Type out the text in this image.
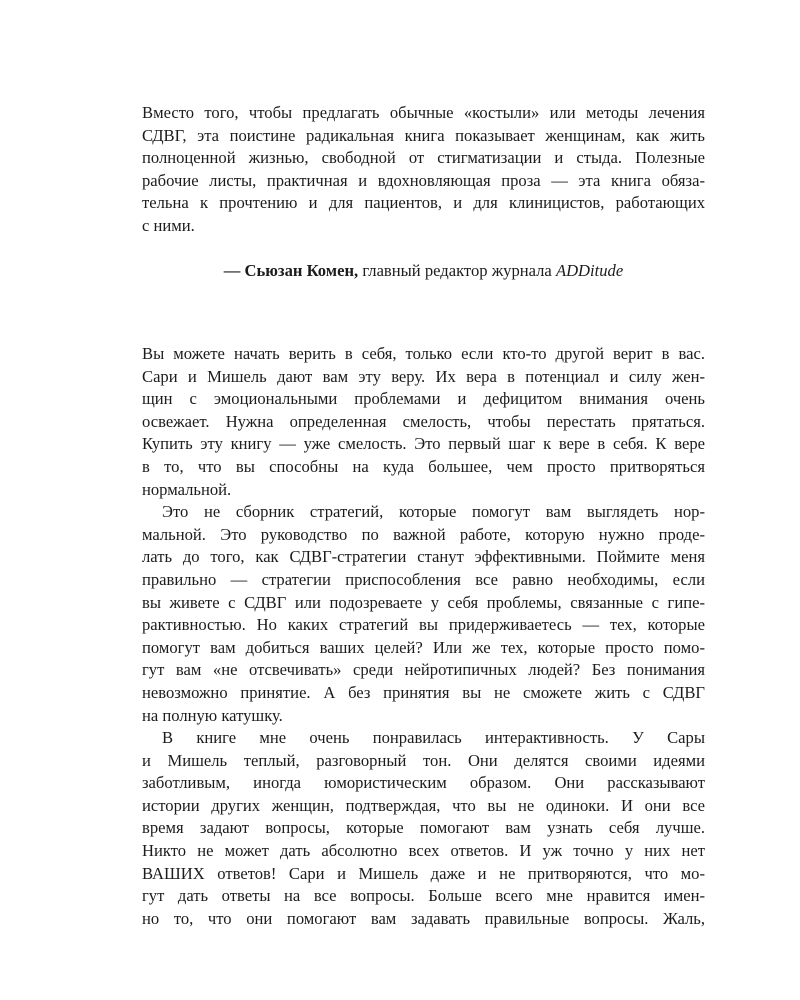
Вместо того, чтобы предлагать обычные «костыли» или методы лечения
СДВГ, эта поистине радикальная книга показывает женщинам, как жить
полноценной жизнью, свободной от стигматизации и стыда. Полезные
рабочие листы, практичная и вдохновляющая проза — эта книга обяза-
тельна к прочтению и для пациентов, и для клиницистов, работающих
с ними.

— Сьюзан Комен, главный редактор журнала ADDitude

Вы можете начать верить в себя, только если кто-то другой верит в вас.
Сари и Мишель дают вам эту веру. Их вера в потенциал и силу жен-
щин с эмоциональными проблемами и дефицитом внимания очень
освежает. Нужна определенная смелость, чтобы перестать прятаться.
Купить эту книгу — уже смелость. Это первый шаг к вере в себя. К вере
в то, что вы способны на куда большее, чем просто притворяться
нормальной.

Это не сборник стратегий, которые помогут вам выглядеть нор-
мальной. Это руководство по важной работе, которую нужно проде-
лать до того, как СДВГ-стратегии станут эффективными. Поймите меня
правильно — стратегии приспособления все равно необходимы, если
вы живете с СДВГ или подозреваете у себя проблемы, связанные с гипе-
рактивностью. Но каких стратегий вы придерживаетесь — тех, которые
помогут вам добиться ваших целей? Или же тех, которые просто помо-
гут вам «не отсвечивать» среди нейротипичных людей? Без понимания
невозможно принятие. А без принятия вы не сможете жить с СДВГ
на полную катушку.

В книге мне очень понравилась интерактивность. У Сары
и Мишель теплый, разговорный тон. Они делятся своими идеями
заботливым, иногда юмористическим образом. Они рассказывают
истории других женщин, подтверждая, что вы не одиноки. И они все
время задают вопросы, которые помогают вам узнать себя лучше.
Никто не может дать абсолютно всех ответов. И уж точно у них нет
ВАШИХ ответов! Сари и Мишель даже и не притворяются, что мо-
гут дать ответы на все вопросы. Больше всего мне нравится имен-
но то, что они помогают вам задавать правильные вопросы. Жаль,
